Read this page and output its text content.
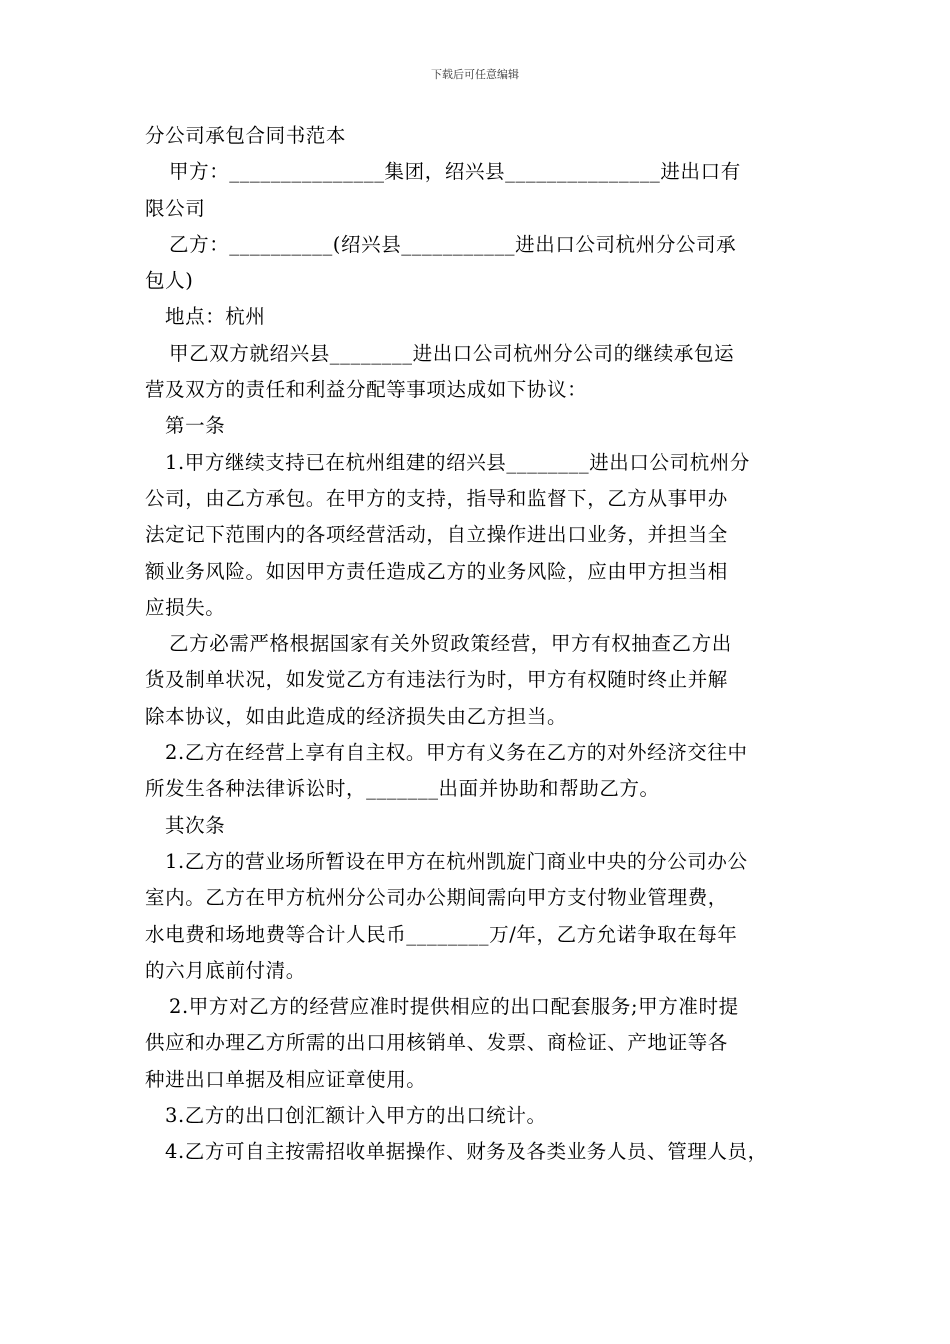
下载后可任意编辑
分公司承包合同书范本
甲方：_______________集团，绍兴县_______________进出口有
限公司
乙方：__________(绍兴县___________进出口公司杭州分公司承
包人)
地点：杭州
甲乙双方就绍兴县________进出口公司杭州分公司的继续承包运
营及双方的责任和利益分配等事项达成如下协议：
第一条
1.甲方继续支持已在杭州组建的绍兴县________进出口公司杭州分
公司，由乙方承包。在甲方的支持，指导和监督下，乙方从事甲办
法定记下范围内的各项经营活动，自立操作进出口业务，并担当全
额业务风险。如因甲方责任造成乙方的业务风险，应由甲方担当相
应损失。
乙方必需严格根据国家有关外贸政策经营，甲方有权抽查乙方出
货及制单状况，如发觉乙方有违法行为时，甲方有权随时终止并解
除本协议，如由此造成的经济损失由乙方担当。
2.乙方在经营上享有自主权。甲方有义务在乙方的对外经济交往中
所发生各种法律诉讼时，_______出面并协助和帮助乙方。
其次条
1.乙方的营业场所暂设在甲方在杭州凯旋门商业中央的分公司办公
室内。乙方在甲方杭州分公司办公期间需向甲方支付物业管理费，
水电费和场地费等合计人民币________万/年，乙方允诺争取在每年
的六月底前付清。
2.甲方对乙方的经营应准时提供相应的出口配套服务;甲方准时提
供应和办理乙方所需的出口用核销单、发票、商检证、产地证等各
种进出口单据及相应证章使用。
3.乙方的出口创汇额计入甲方的出口统计。
4.乙方可自主按需招收单据操作、财务及各类业务人员、管理人员，
